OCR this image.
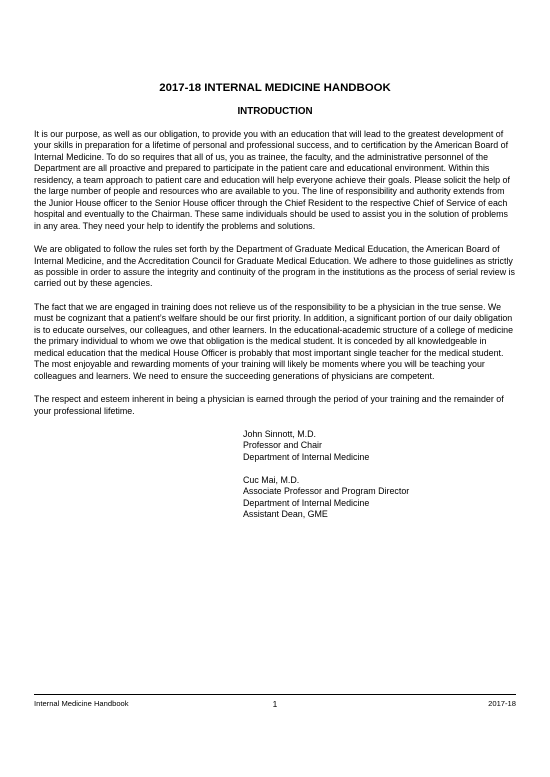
2017-18 INTERNAL MEDICINE HANDBOOK
INTRODUCTION

It is our purpose, as well as our obligation, to provide you with an education that will lead to the greatest development of your skills in preparation for a lifetime of personal and professional success, and to certification by the American Board of Internal Medicine. To do so requires that all of us, you as trainee, the faculty, and the administrative personnel of the Department are all proactive and prepared to participate in the patient care and educational environment. Within this residency, a team approach to patient care and education will help everyone achieve their goals. Please solicit the help of the large number of people and resources who are available to you. The line of responsibility and authority extends from the Junior House officer to the Senior House officer through the Chief Resident to the respective Chief of Service of each hospital and eventually to the Chairman. These same individuals should be used to assist you in the solution of problems in any area. They need your help to identify the problems and solutions.

We are obligated to follow the rules set forth by the Department of Graduate Medical Education, the American Board of Internal Medicine, and the Accreditation Council for Graduate Medical Education. We adhere to those guidelines as strictly as possible in order to assure the integrity and continuity of the program in the institutions as the process of serial review is carried out by these agencies.

The fact that we are engaged in training does not relieve us of the responsibility to be a physician in the true sense. We must be cognizant that a patient’s welfare should be our first priority. In addition, a significant portion of our daily obligation is to educate ourselves, our colleagues, and other learners. In the educational-academic structure of a college of medicine the primary individual to whom we owe that obligation is the medical student. It is conceded by all knowledgeable in medical education that the medical House Officer is probably that most important single teacher for the medical student. The most enjoyable and rewarding moments of your training will likely be moments where you will be teaching your colleagues and learners. We need to ensure the succeeding generations of physicians are competent.

The respect and esteem inherent in being a physician is earned through the period of your training and the remainder of your professional lifetime.

John Sinnott, M.D.
Professor and Chair
Department of Internal Medicine
Cuc Mai, M.D.
Associate Professor and Program Director
Department of Internal Medicine
Assistant Dean, GME
Internal Medicine Handbook	1	2017-18
